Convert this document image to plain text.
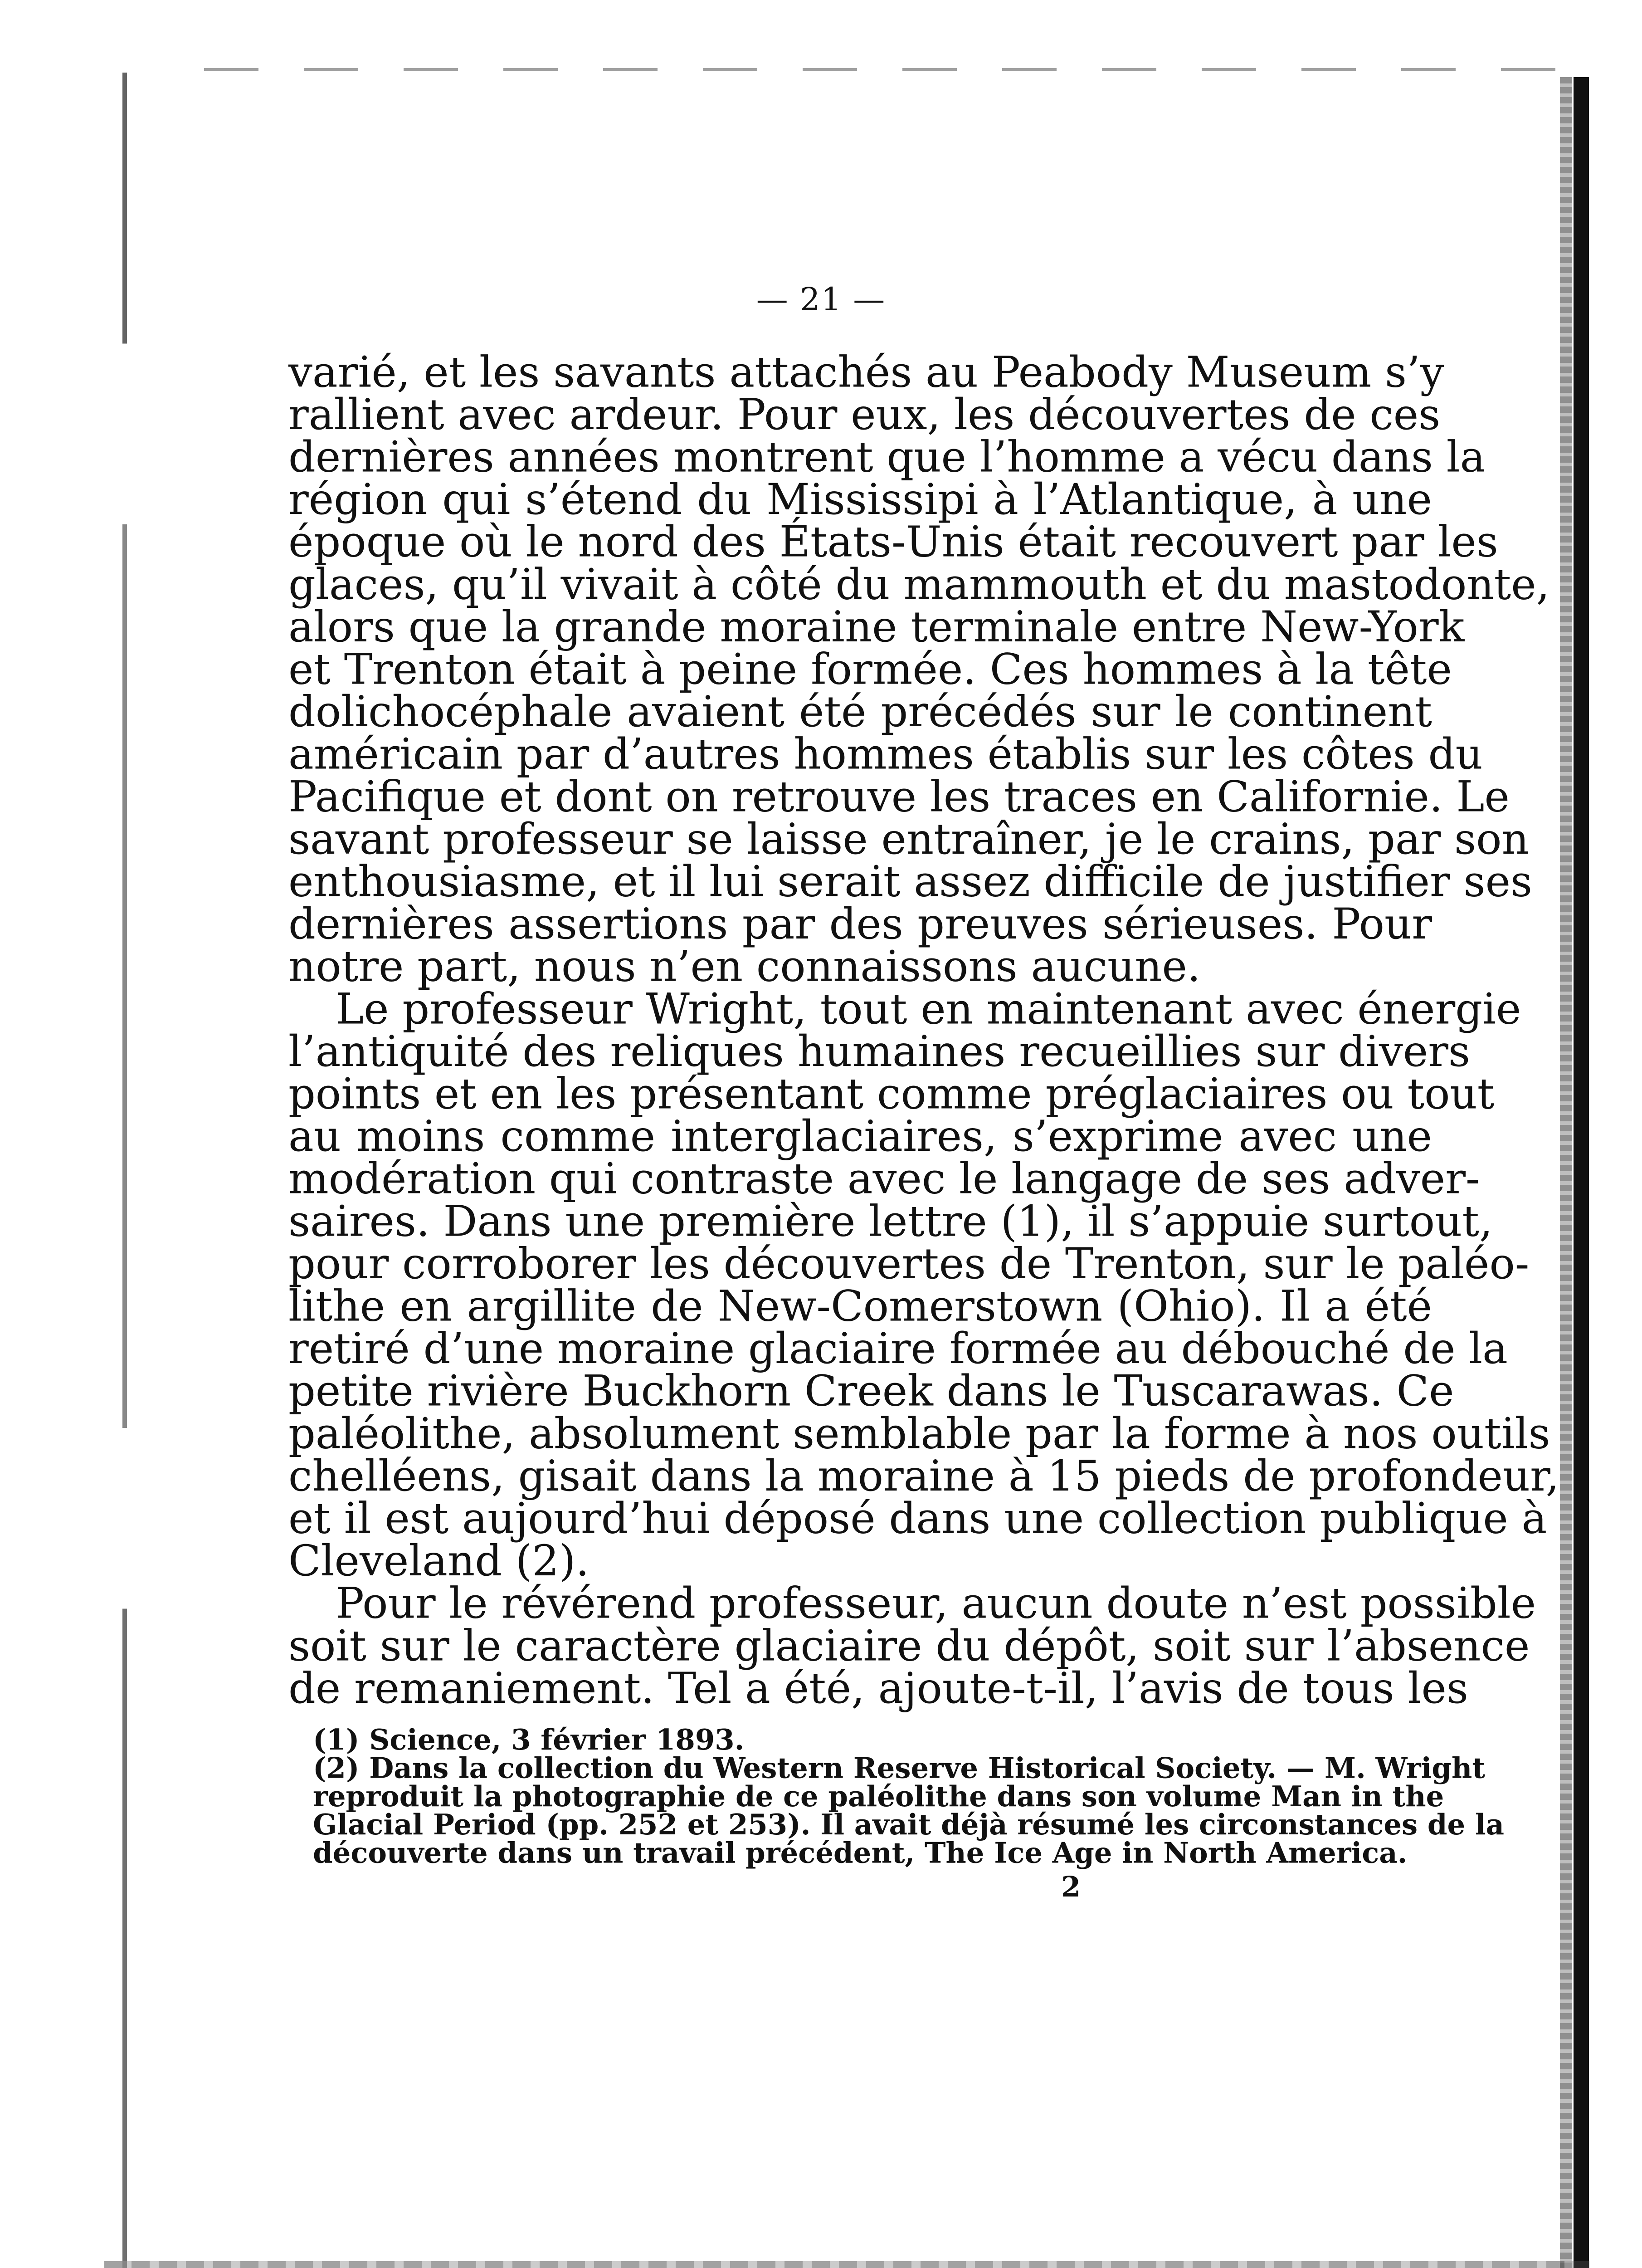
— 21 —
varié, et les savants attachés au Peabody Museum s’y
rallient avec ardeur. Pour eux, les découvertes de ces
dernières années montrent que l’homme a vécu dans la
région qui s’étend du Mississipi à l’Atlantique, à une
époque où le nord des États-Unis était recouvert par les
glaces, qu’il vivait à côté du mammouth et du mastodonte,
alors que la grande moraine terminale entre New-York
et Trenton était à peine formée. Ces hommes à la tête
dolichocéphale avaient été précédés sur le continent
américain par d’autres hommes établis sur les côtes du
Pacifique et dont on retrouve les traces en Californie. Le
savant professeur se laisse entraîner, je le crains, par son
enthousiasme, et il lui serait assez difficile de justifier ses
dernières assertions par des preuves sérieuses. Pour
notre part, nous n’en connaissons aucune.
Le professeur Wright, tout en maintenant avec énergie
l’antiquité des reliques humaines recueillies sur divers
points et en les présentant comme préglaciaires ou tout
au moins comme interglaciaires, s’exprime avec une
modération qui contraste avec le langage de ses adver-
saires. Dans une première lettre (1), il s’appuie surtout,
pour corroborer les découvertes de Trenton, sur le paléo-
lithe en argillite de New-Comerstown (Ohio). Il a été
retiré d’une moraine glaciaire formée au débouché de la
petite rivière Buckhorn Creek dans le Tuscarawas. Ce
paléolithe, absolument semblable par la forme à nos outils
chelléens, gisait dans la moraine à 15 pieds de profondeur,
et il est aujourd’hui déposé dans une collection publique à
Cleveland (2).
Pour le révérend professeur, aucun doute n’est possible
soit sur le caractère glaciaire du dépôt, soit sur l’absence
de remaniement. Tel a été, ajoute-t-il, l’avis de tous les
(1) Science, 3 février 1893.
(2) Dans la collection du Western Reserve Historical Society. — M. Wright
reproduit la photographie de ce paléolithe dans son volume Man in the
Glacial Period (pp. 252 et 253). Il avait déjà résumé les circonstances de la
découverte dans un travail précédent, The Ice Age in North America.
2
